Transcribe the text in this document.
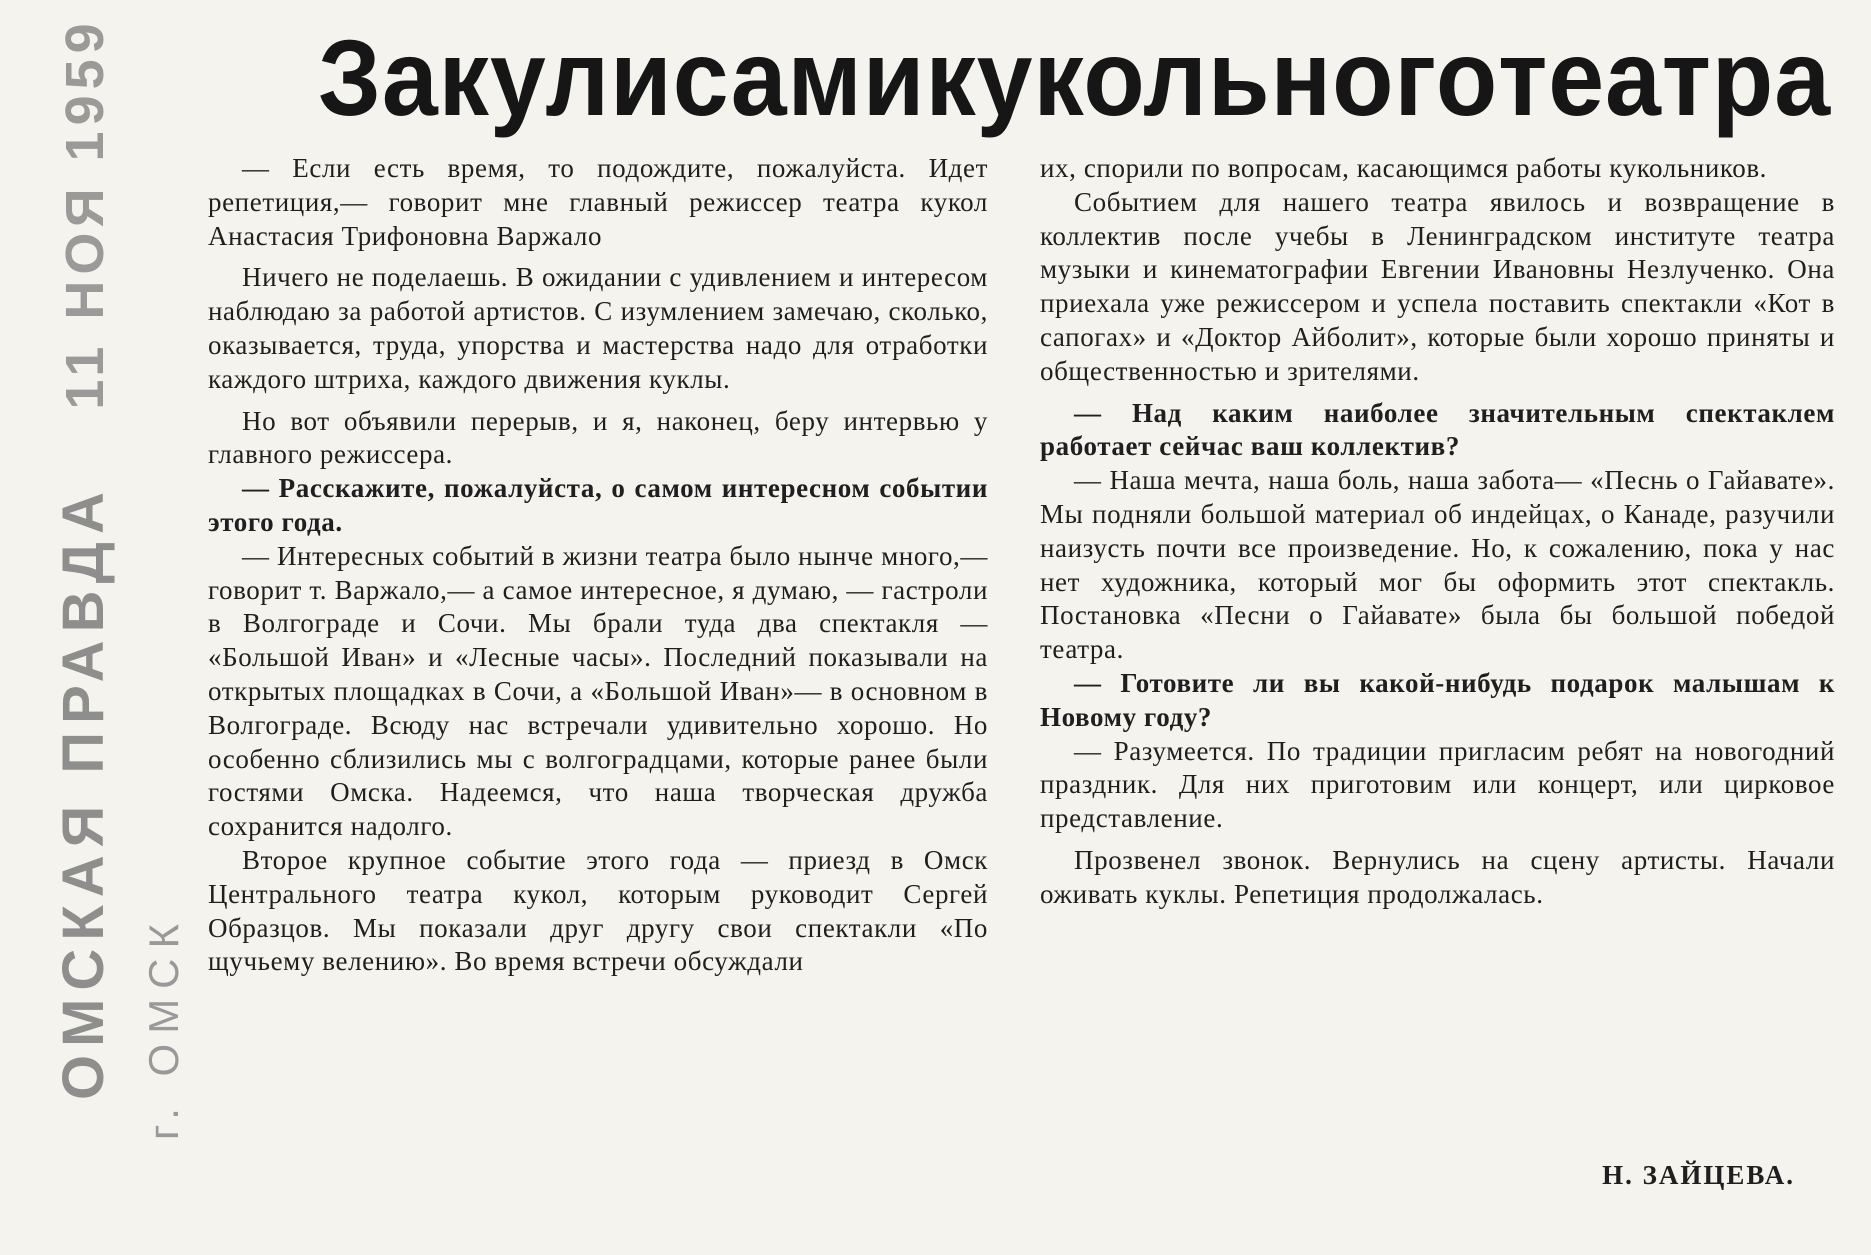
ОМСКАЯ ПРАВДА 11 НОЯ 1959
г. ОМСК
За кулисами кукольного театра

— Если есть время, то подождите, пожалуйста. Идет репетиция,— говорит мне главный режиссер театра кукол Анастасия Трифоновна Варжало

Ничего не поделаешь. В ожидании с удивлением и интересом наблюдаю за работой артистов. С изумлением замечаю, сколько, оказывается, труда, упорства и мастерства надо для отработки каждого штриха, каждого движения куклы.

Но вот объявили перерыв, и я, наконец, беру интервью у главного режиссера.

— Расскажите, пожалуйста, о самом интересном событии этого года.

— Интересных событий в жизни театра было нынче много,— говорит т. Варжало,— а самое интересное, я думаю, — гастроли в Волгограде и Сочи. Мы брали туда два спектакля — «Большой Иван» и «Лесные часы». Последний показывали на открытых площадках в Сочи, а «Большой Иван»— в основном в Волгограде. Всюду нас встречали удивительно хорошо. Но особенно сблизились мы с волгоградцами, которые ранее были гостями Омска. Надеемся, что наша творческая дружба сохранится надолго.

Второе крупное событие этого года — приезд в Омск Центрального театра кукол, которым руководит Сергей Образцов. Мы показали друг другу свои спектакли «По щучьему велению». Во время встречи обсуждали

их, спорили по вопросам, касающимся работы кукольников.

Событием для нашего театра явилось и возвращение в коллектив после учебы в Ленинградском институте театра музыки и кинематографии Евгении Ивановны Незлученко. Она приехала уже режиссером и успела поставить спектакли «Кот в сапогах» и «Доктор Айболит», которые были хорошо приняты и общественностью и зрителями.

— Над каким наиболее значительным спектаклем работает сейчас ваш коллектив?

— Наша мечта, наша боль, наша забота— «Песнь о Гайавате». Мы подняли большой материал об индейцах, о Канаде, разучили наизусть почти все произведение. Но, к сожалению, пока у нас нет художника, который мог бы оформить этот спектакль. Постановка «Песни о Гайавате» была бы большой победой театра.

— Готовите ли вы какой-нибудь подарок малышам к Новому году?

— Разумеется. По традиции пригласим ребят на новогодний праздник. Для них приготовим или концерт, или цирковое представление.

Прозвенел звонок. Вернулись на сцену артисты. Начали оживать куклы. Репетиция продолжалась.

Н. ЗАЙЦЕВА.
